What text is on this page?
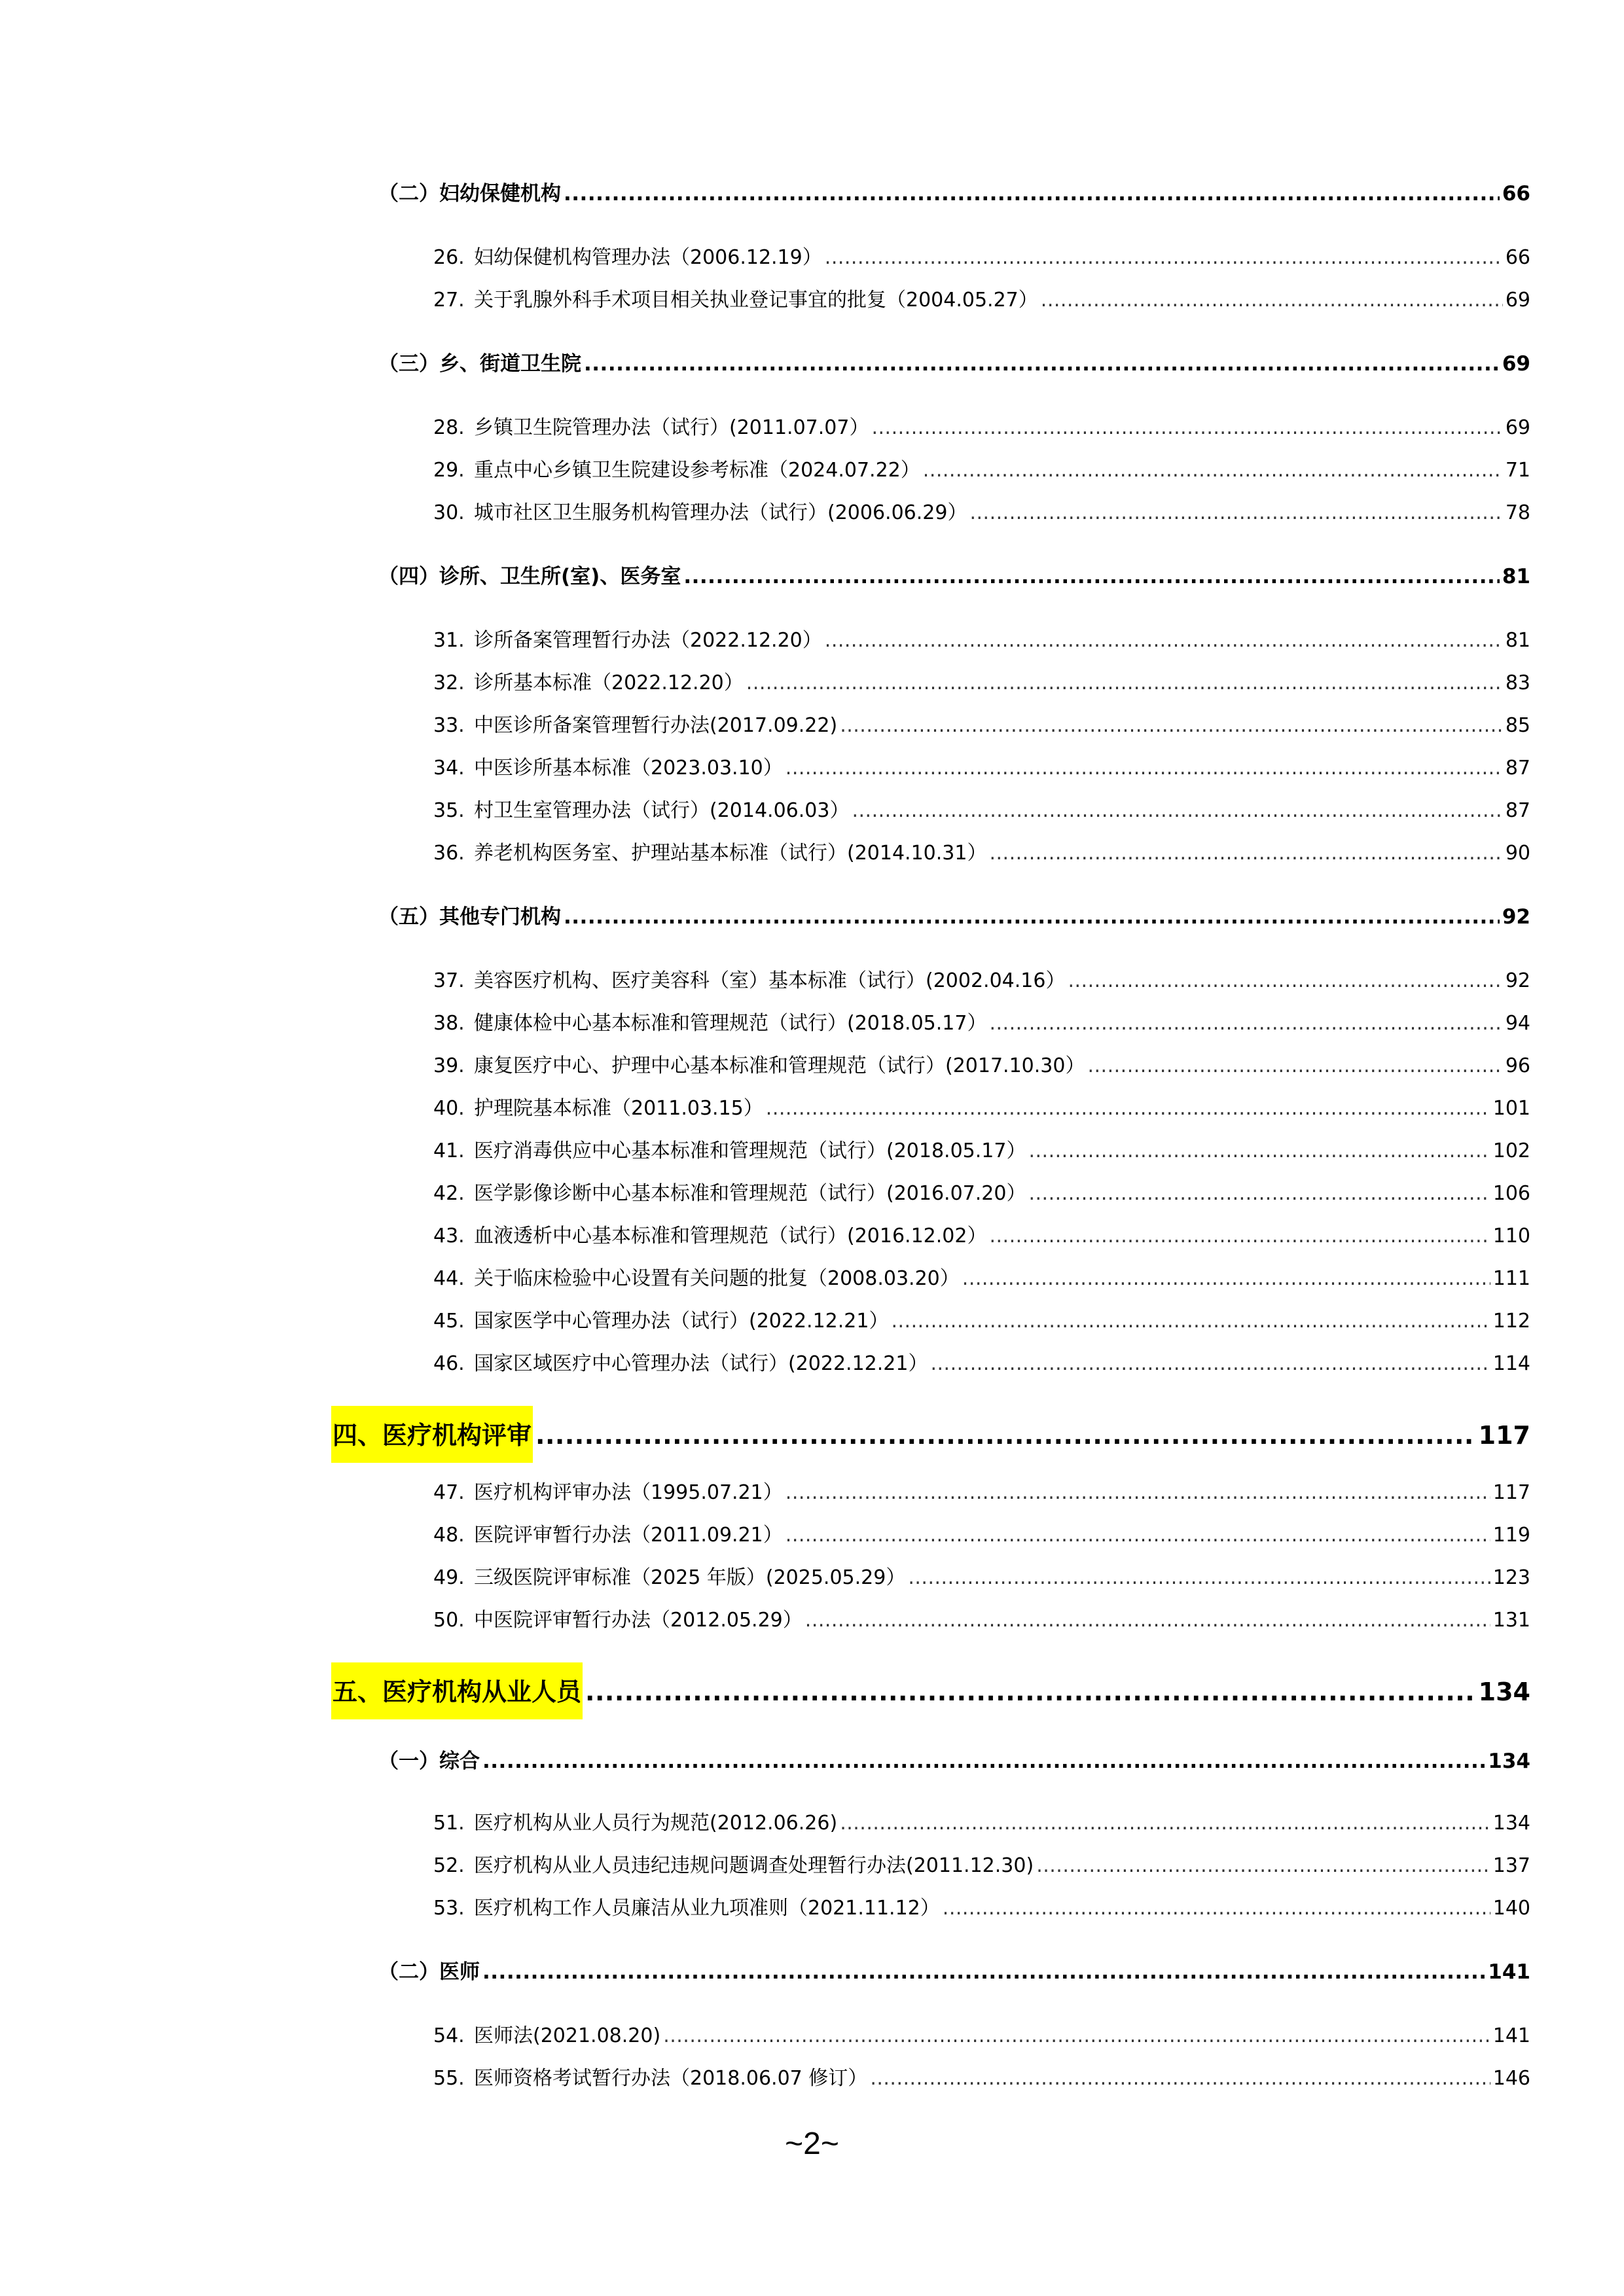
（二）妇幼保健机构 .....	66
26. 妇幼保健机构管理办法（2006.12.19） .....	66
27. 关于乳腺外科手术项目相关执业登记事宜的批复（2004.05.27） .....	69
（三）乡、街道卫生院 .....	69
28. 乡镇卫生院管理办法（试行）(2011.07.07） .....	69
29. 重点中心乡镇卫生院建设参考标准（2024.07.22） .....	71
30. 城市社区卫生服务机构管理办法（试行）(2006.06.29） .....	78
（四）诊所、卫生所(室)、医务室 .....	81
31. 诊所备案管理暂行办法（2022.12.20） .....	81
32. 诊所基本标准（2022.12.20） .....	83
33. 中医诊所备案管理暂行办法(2017.09.22) .....	85
34. 中医诊所基本标准（2023.03.10） .....	87
35. 村卫生室管理办法（试行）(2014.06.03） .....	87
36. 养老机构医务室、护理站基本标准（试行）(2014.10.31） .....	90
（五）其他专门机构 .....	92
37. 美容医疗机构、医疗美容科（室）基本标准（试行）(2002.04.16） .....	92
38. 健康体检中心基本标准和管理规范（试行）(2018.05.17） .....	94
39. 康复医疗中心、护理中心基本标准和管理规范（试行）(2017.10.30） .....	96
40. 护理院基本标准（2011.03.15） .....	101
41. 医疗消毒供应中心基本标准和管理规范（试行）(2018.05.17） .....	102
42. 医学影像诊断中心基本标准和管理规范（试行）(2016.07.20） .....	106
43. 血液透析中心基本标准和管理规范（试行）(2016.12.02） .....	110
44. 关于临床检验中心设置有关问题的批复（2008.03.20） .....	111
45. 国家医学中心管理办法（试行）(2022.12.21） .....	112
46. 国家区域医疗中心管理办法（试行）(2022.12.21） .....	114
四、医疗机构评审 .....	117
47. 医疗机构评审办法（1995.07.21） .....	117
48. 医院评审暂行办法（2011.09.21） .....	119
49. 三级医院评审标准（2025 年版）(2025.05.29） .....	123
50. 中医院评审暂行办法（2012.05.29） .....	131
五、医疗机构从业人员 .....	134
（一）综合 .....	134
51. 医疗机构从业人员行为规范(2012.06.26) .....	134
52. 医疗机构从业人员违纪违规问题调查处理暂行办法(2011.12.30) .....	137
53. 医疗机构工作人员廉洁从业九项准则（2021.11.12） .....	140
（二）医师 .....	141
54. 医师法(2021.08.20) .....	141
55. 医师资格考试暂行办法（2018.06.07 修订） .....	146
~2~
